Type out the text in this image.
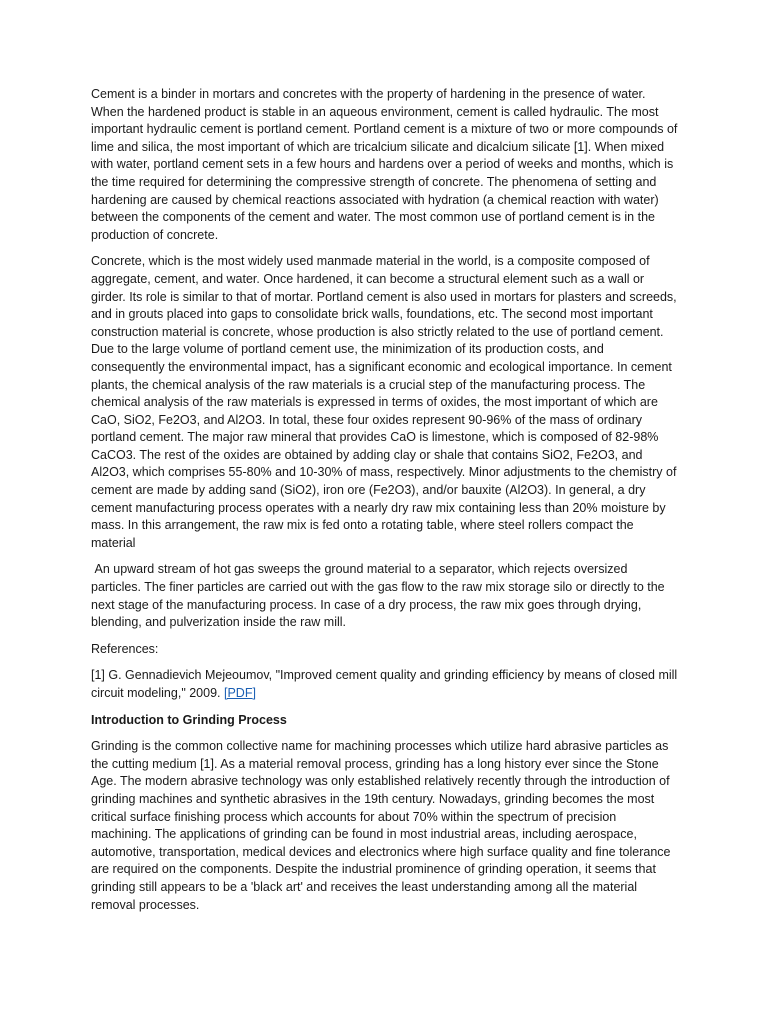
Cement is a binder in mortars and concretes with the property of hardening in the presence of water. When the hardened product is stable in an aqueous environment, cement is called hydraulic. The most important hydraulic cement is portland cement. Portland cement is a mixture of two or more compounds of lime and silica, the most important of which are tricalcium silicate and dicalcium silicate [1]. When mixed with water, portland cement sets in a few hours and hardens over a period of weeks and months, which is the time required for determining the compressive strength of concrete. The phenomena of setting and hardening are caused by chemical reactions associated with hydration (a chemical reaction with water) between the components of the cement and water. The most common use of portland cement is in the production of concrete.

Concrete, which is the most widely used manmade material in the world, is a composite composed of aggregate, cement, and water. Once hardened, it can become a structural element such as a wall or girder. Its role is similar to that of mortar. Portland cement is also used in mortars for plasters and screeds, and in grouts placed into gaps to consolidate brick walls, foundations, etc. The second most important construction material is concrete, whose production is also strictly related to the use of portland cement. Due to the large volume of portland cement use, the minimization of its production costs, and consequently the environmental impact, has a significant economic and ecological importance. In cement plants, the chemical analysis of the raw materials is a crucial step of the manufacturing process. The chemical analysis of the raw materials is expressed in terms of oxides, the most important of which are CaO, SiO2, Fe2O3, and Al2O3. In total, these four oxides represent 90-96% of the mass of ordinary portland cement. The major raw mineral that provides CaO is limestone, which is composed of 82-98% CaCO3. The rest of the oxides are obtained by adding clay or shale that contains SiO2, Fe2O3, and Al2O3, which comprises 55-80% and 10-30% of mass, respectively. Minor adjustments to the chemistry of cement are made by adding sand (SiO2), iron ore (Fe2O3), and/or bauxite (Al2O3). In general, a dry cement manufacturing process operates with a nearly dry raw mix containing less than 20% moisture by mass. In this arrangement, the raw mix is fed onto a rotating table, where steel rollers compact the material

An upward stream of hot gas sweeps the ground material to a separator, which rejects oversized particles. The finer particles are carried out with the gas flow to the raw mix storage silo or directly to the next stage of the manufacturing process. In case of a dry process, the raw mix goes through drying, blending, and pulverization inside the raw mill.

References:

[1] G. Gennadievich Mejeoumov, "Improved cement quality and grinding efficiency by means of closed mill circuit modeling," 2009. [PDF]

Introduction to Grinding Process

Grinding is the common collective name for machining processes which utilize hard abrasive particles as the cutting medium [1]. As a material removal process, grinding has a long history ever since the Stone Age. The modern abrasive technology was only established relatively recently through the introduction of grinding machines and synthetic abrasives in the 19th century. Nowadays, grinding becomes the most critical surface finishing process which accounts for about 70% within the spectrum of precision machining. The applications of grinding can be found in most industrial areas, including aerospace, automotive, transportation, medical devices and electronics where high surface quality and fine tolerance are required on the components. Despite the industrial prominence of grinding operation, it seems that grinding still appears to be a 'black art' and receives the least understanding among all the material removal processes.
